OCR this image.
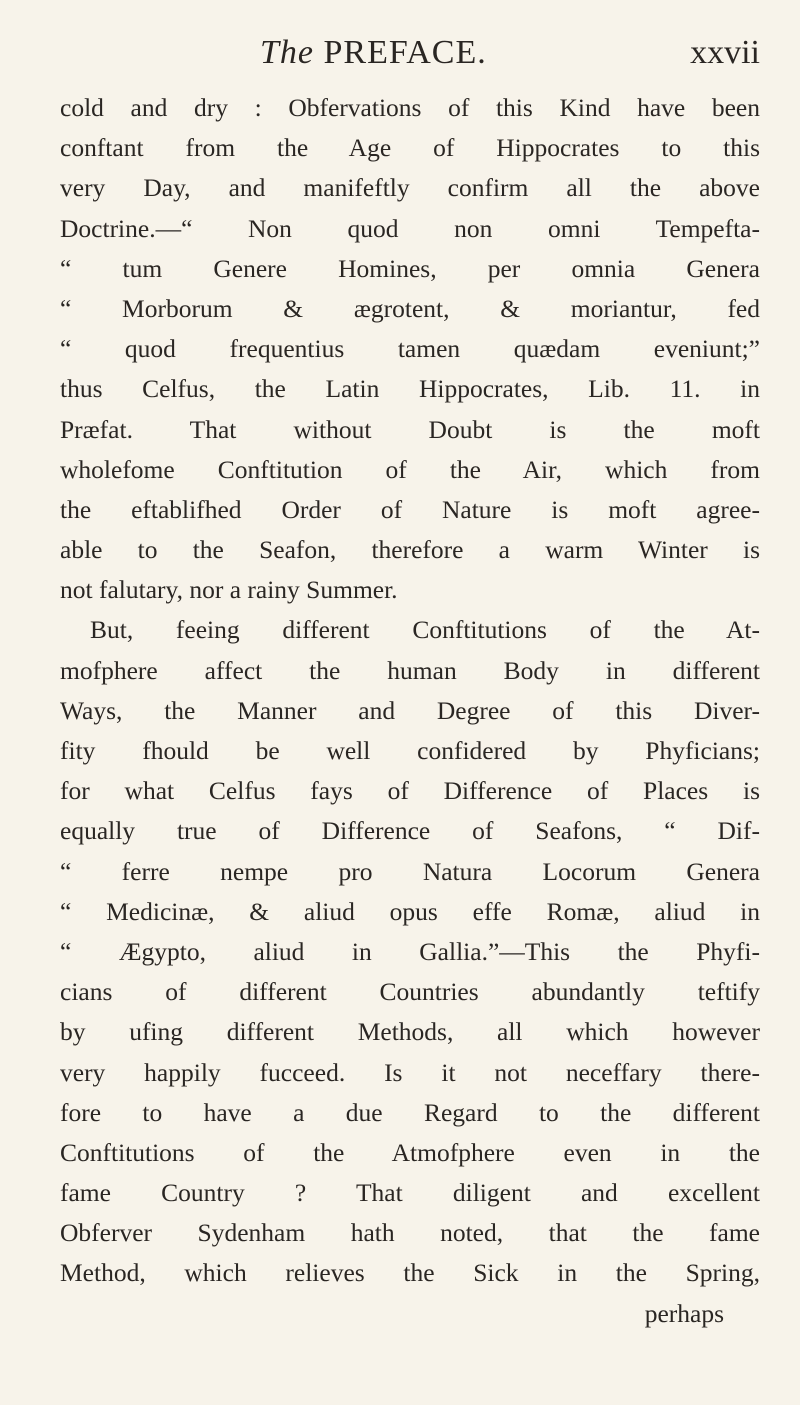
The PREFACE.	xxvii
cold and dry : Obfervations of this Kind have been
conftant from the Age of Hippocrates to this
very Day, and manifeftly confirm all the above
Doctrine.—“ Non quod non omni Tempefta-
“ tum Genere Homines, per omnia Genera
“ Morborum & ægrotent, & moriantur, fed
“ quod frequentius tamen quædam eveniunt;”
thus Celfus, the Latin Hippocrates, Lib. 11. in
Præfat. That without Doubt is the moft
wholefome Conftitution of the Air, which from
the eftablifhed Order of Nature is moft agree-
able to the Seafon, therefore a warm Winter is
not falutary, nor a rainy Summer.
But, feeing different Conftitutions of the At-
mofphere affect the human Body in different
Ways, the Manner and Degree of this Diver-
fity fhould be well confidered by Phyficians;
for what Celfus fays of Difference of Places is
equally true of Difference of Seafons, “ Dif-
“ ferre nempe pro Natura Locorum Genera
“ Medicinæ, & aliud opus effe Romæ, aliud in
“ Ægypto, aliud in Gallia.”—This the Phyfi-
cians of different Countries abundantly teftify
by ufing different Methods, all which however
very happily fucceed. Is it not neceffary there-
fore to have a due Regard to the different
Conftitutions of the Atmofphere even in the
fame Country ? That diligent and excellent
Obferver Sydenham hath noted, that the fame
Method, which relieves the Sick in the Spring,
perhaps
